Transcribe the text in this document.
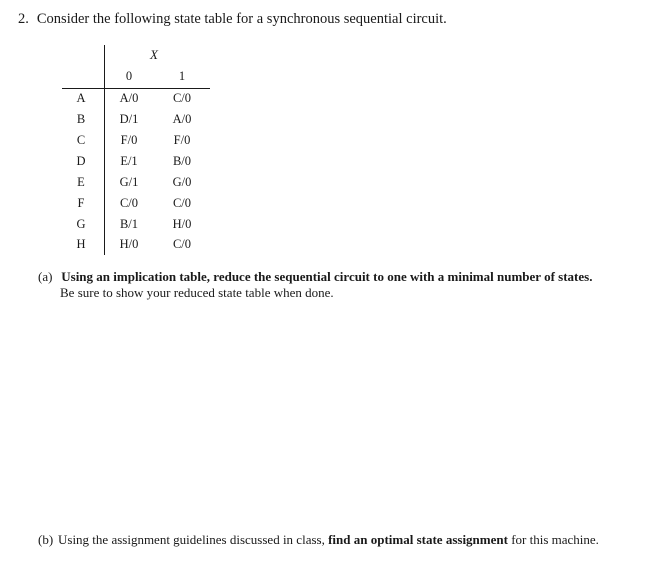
2. Consider the following state table for a synchronous sequential circuit.
X
0	1
A	A/0	C/0
B	D/1	A/0
C	F/0	F/0
D	E/1	B/0
E	G/1	G/0
F	C/0	C/0
G	B/1	H/0
H	H/0	C/0
(a) Using an implication table, reduce the sequential circuit to one with a minimal number of states.
Be sure to show your reduced state table when done.
(b) Using the assignment guidelines discussed in class, find an optimal state assignment for this machine.
